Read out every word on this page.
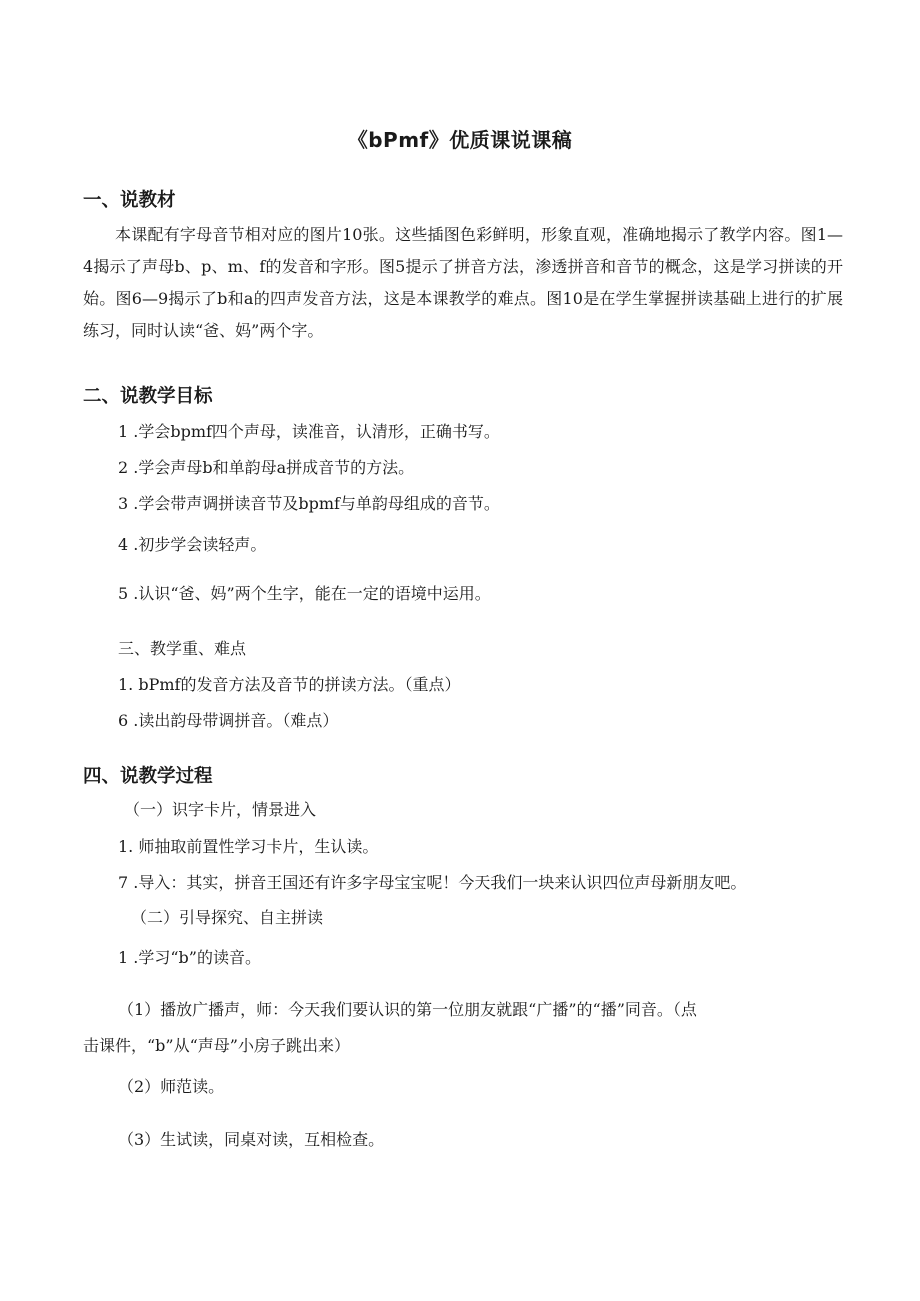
《bPmf》优质课说课稿
一、说教材
本课配有字母音节相对应的图片10张。这些插图色彩鲜明，形象直观，准确地揭示了教学内容。图1—4揭示了声母b、p、m、f的发音和字形。图5提示了拼音方法，渗透拼音和音节的概念，这是学习拼读的开始。图6—9揭示了b和a的四声发音方法，这是本课教学的难点。图10是在学生掌握拼读基础上进行的扩展练习，同时认读“爸、妈”两个字。
二、说教学目标
1 .学会bpmf四个声母，读准音，认清形，正确书写。
2 .学会声母b和单韵母a拼成音节的方法。
3 .学会带声调拼读音节及bpmf与单韵母组成的音节。
4 .初步学会读轻声。
5 .认识“爸、妈”两个生字，能在一定的语境中运用。
三、教学重、难点
1. bPmf的发音方法及音节的拼读方法。（重点）
6 .读出韵母带调拼音。（难点）
四、说教学过程
（一）识字卡片，情景进入
1. 师抽取前置性学习卡片，生认读。
7 .导入：其实，拼音王国还有许多字母宝宝呢！今天我们一块来认识四位声母新朋友吧。
（二）引导探究、自主拼读
1 .学习“b”的读音。
（1）播放广播声，师：今天我们要认识的第一位朋友就跟“广播”的“播”同音。（点
击课件，“b”从“声母”小房子跳出来）
（2）师范读。
（3）生试读，同桌对读，互相检查。
